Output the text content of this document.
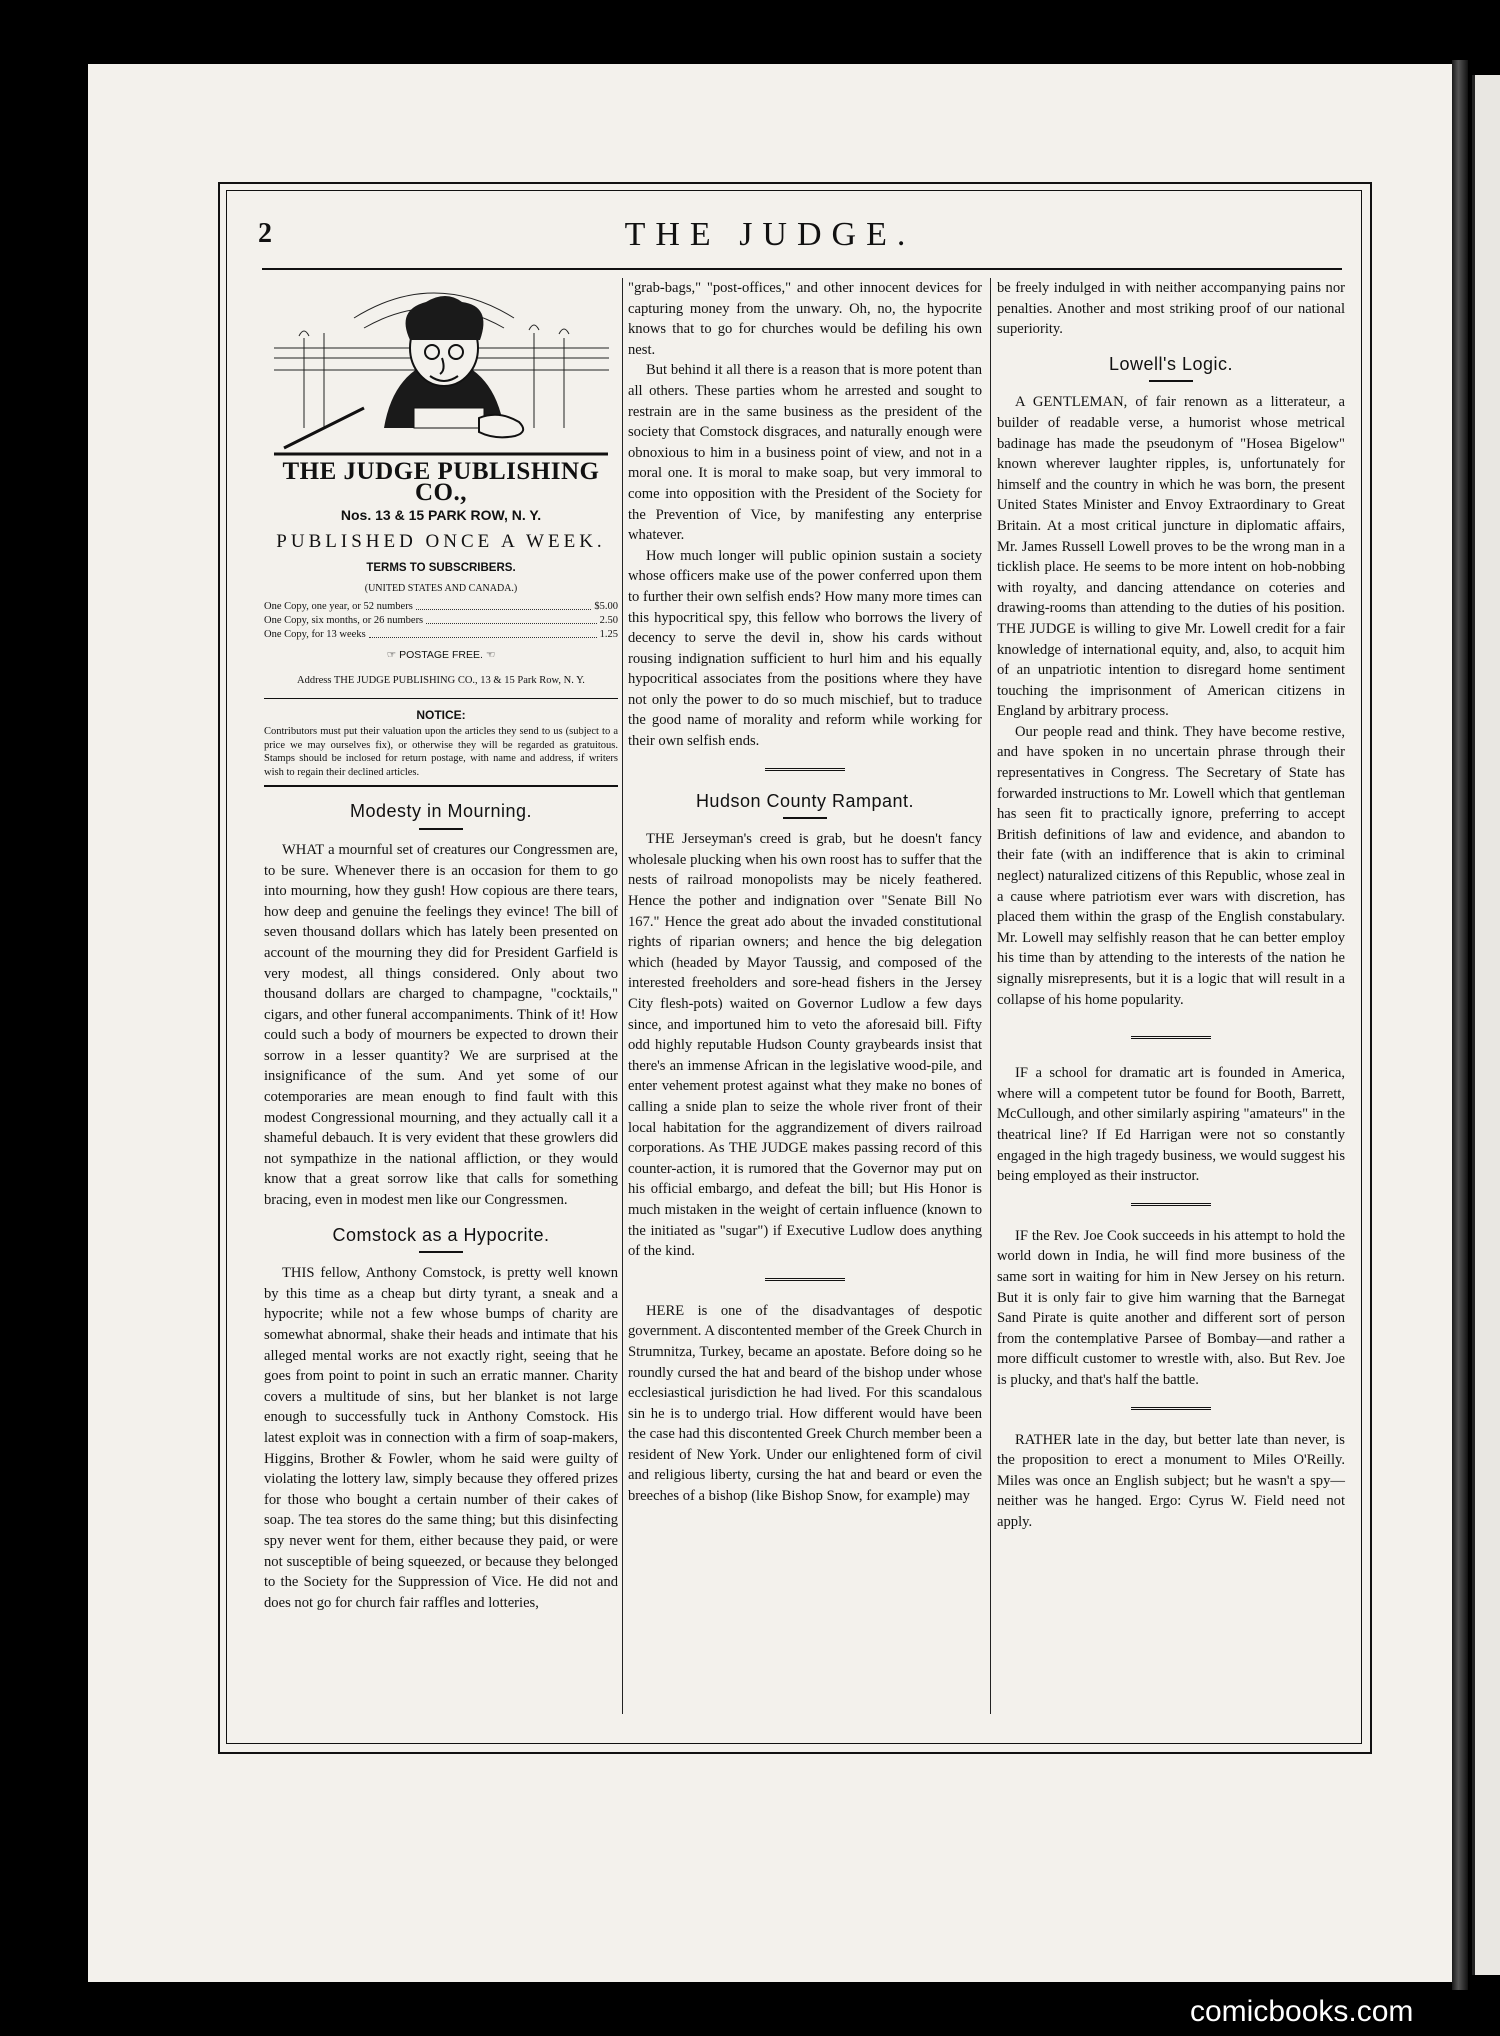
2	THE JUDGE.
THE JUDGE PUBLISHING CO.,
Nos. 13 & 15 PARK ROW, N. Y.
PUBLISHED ONCE A WEEK.
TERMS TO SUBSCRIBERS.
(UNITED STATES AND CANADA.)
One Copy, one year, or 52 numbers	$5.00
One Copy, six months, or 26 numbers	2.50
One Copy, for 13 weeks	1.25
☞ POSTAGE FREE. ☜
Address THE JUDGE PUBLISHING CO., 13 & 15 Park Row, N. Y.
NOTICE:

Contributors must put their valuation upon the articles they send to us (subject to a price we may ourselves fix), or otherwise they will be regarded as gratuitous. Stamps should be inclosed for return postage, with name and address, if writers wish to regain their declined articles.

Modesty in Mourning.

WHAT a mournful set of creatures our Congressmen are, to be sure. Whenever there is an occasion for them to go into mourning, how they gush! How copious are there tears, how deep and genuine the feelings they evince! The bill of seven thousand dollars which has lately been presented on account of the mourning they did for President Garfield is very modest, all things considered. Only about two thousand dollars are charged to champagne, "cocktails," cigars, and other funeral accompaniments. Think of it! How could such a body of mourners be expected to drown their sorrow in a lesser quantity? We are surprised at the insignificance of the sum. And yet some of our cotemporaries are mean enough to find fault with this modest Congressional mourning, and they actually call it a shameful debauch. It is very evident that these growlers did not sympathize in the national affliction, or they would know that a great sorrow like that calls for something bracing, even in modest men like our Congressmen.

Comstock as a Hypocrite.

THIS fellow, Anthony Comstock, is pretty well known by this time as a cheap but dirty tyrant, a sneak and a hypocrite; while not a few whose bumps of charity are somewhat abnormal, shake their heads and intimate that his alleged mental works are not exactly right, seeing that he goes from point to point in such an erratic manner. Charity covers a multitude of sins, but her blanket is not large enough to successfully tuck in Anthony Comstock. His latest exploit was in connection with a firm of soap-makers, Higgins, Brother & Fowler, whom he said were guilty of violating the lottery law, simply because they offered prizes for those who bought a certain number of their cakes of soap. The tea stores do the same thing; but this disinfecting spy never went for them, either because they paid, or were not susceptible of being squeezed, or because they belonged to the Society for the Suppression of Vice. He did not and does not go for church fair raffles and lotteries,

"grab-bags," "post-offices," and other innocent devices for capturing money from the unwary. Oh, no, the hypocrite knows that to go for churches would be defiling his own nest.

But behind it all there is a reason that is more potent than all others. These parties whom he arrested and sought to restrain are in the same business as the president of the society that Comstock disgraces, and naturally enough were obnoxious to him in a business point of view, and not in a moral one. It is moral to make soap, but very immoral to come into opposition with the President of the Society for the Prevention of Vice, by manifesting any enterprise whatever.

How much longer will public opinion sustain a society whose officers make use of the power conferred upon them to further their own selfish ends? How many more times can this hypocritical spy, this fellow who borrows the livery of decency to serve the devil in, show his cards without rousing indignation sufficient to hurl him and his equally hypocritical associates from the positions where they have not only the power to do so much mischief, but to traduce the good name of morality and reform while working for their own selfish ends.

Hudson County Rampant.

THE Jerseyman's creed is grab, but he doesn't fancy wholesale plucking when his own roost has to suffer that the nests of railroad monopolists may be nicely feathered. Hence the pother and indignation over "Senate Bill No 167." Hence the great ado about the invaded constitutional rights of riparian owners; and hence the big delegation which (headed by Mayor Taussig, and composed of the interested freeholders and sore-head fishers in the Jersey City flesh-pots) waited on Governor Ludlow a few days since, and importuned him to veto the aforesaid bill. Fifty odd highly reputable Hudson County graybeards insist that there's an immense African in the legislative wood-pile, and enter vehement protest against what they make no bones of calling a snide plan to seize the whole river front of their local habitation for the aggrandizement of divers railroad corporations. As THE JUDGE makes passing record of this counter-action, it is rumored that the Governor may put on his official embargo, and defeat the bill; but His Honor is much mistaken in the weight of certain influence (known to the initiated as "sugar") if Executive Ludlow does anything of the kind.

HERE is one of the disadvantages of despotic government. A discontented member of the Greek Church in Strumnitza, Turkey, became an apostate. Before doing so he roundly cursed the hat and beard of the bishop under whose ecclesiastical jurisdiction he had lived. For this scandalous sin he is to undergo trial. How different would have been the case had this discontented Greek Church member been a resident of New York. Under our enlightened form of civil and religious liberty, cursing the hat and beard or even the breeches of a bishop (like Bishop Snow, for example) may

be freely indulged in with neither accompanying pains nor penalties. Another and most striking proof of our national superiority.

Lowell's Logic.

A GENTLEMAN, of fair renown as a litterateur, a builder of readable verse, a humorist whose metrical badinage has made the pseudonym of "Hosea Bigelow" known wherever laughter ripples, is, unfortunately for himself and the country in which he was born, the present United States Minister and Envoy Extraordinary to Great Britain. At a most critical juncture in diplomatic affairs, Mr. James Russell Lowell proves to be the wrong man in a ticklish place. He seems to be more intent on hob-nobbing with royalty, and dancing attendance on coteries and drawing-rooms than attending to the duties of his position. THE JUDGE is willing to give Mr. Lowell credit for a fair knowledge of international equity, and, also, to acquit him of an unpatriotic intention to disregard home sentiment touching the imprisonment of American citizens in England by arbitrary process.

Our people read and think. They have become restive, and have spoken in no uncertain phrase through their representatives in Congress. The Secretary of State has forwarded instructions to Mr. Lowell which that gentleman has seen fit to practically ignore, preferring to accept British definitions of law and evidence, and abandon to their fate (with an indifference that is akin to criminal neglect) naturalized citizens of this Republic, whose zeal in a cause where patriotism ever wars with discretion, has placed them within the grasp of the English constabulary. Mr. Lowell may selfishly reason that he can better employ his time than by attending to the interests of the nation he signally misrepresents, but it is a logic that will result in a collapse of his home popularity.

IF a school for dramatic art is founded in America, where will a competent tutor be found for Booth, Barrett, McCullough, and other similarly aspiring "amateurs" in the theatrical line? If Ed Harrigan were not so constantly engaged in the high tragedy business, we would suggest his being employed as their instructor.

IF the Rev. Joe Cook succeeds in his attempt to hold the world down in India, he will find more business of the same sort in waiting for him in New Jersey on his return. But it is only fair to give him warning that the Barnegat Sand Pirate is quite another and different sort of person from the contemplative Parsee of Bombay—and rather a more difficult customer to wrestle with, also. But Rev. Joe is plucky, and that's half the battle.

RATHER late in the day, but better late than never, is the proposition to erect a monument to Miles O'Reilly. Miles was once an English subject; but he wasn't a spy—neither was he hanged. Ergo: Cyrus W. Field need not apply.

comicbooks.com
